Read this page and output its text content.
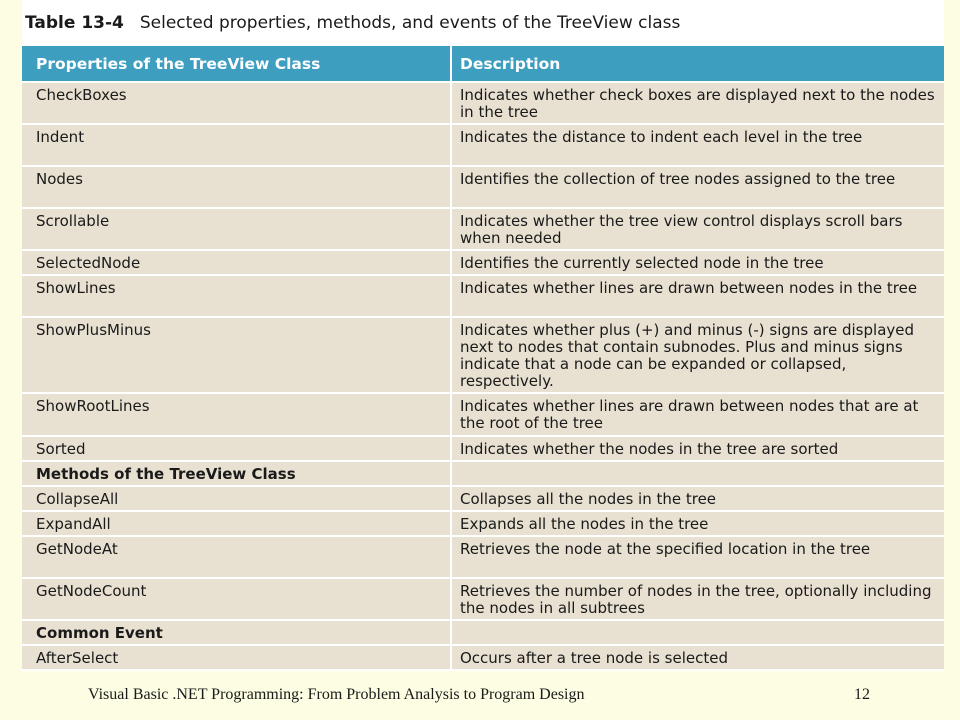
Table 13-4 Selected properties, methods, and events of the TreeView class
Properties of the TreeView Class	Description
CheckBoxes	Indicates whether check boxes are displayed next to the nodes in the tree
Indent	Indicates the distance to indent each level in the tree
Nodes	Identifies the collection of tree nodes assigned to the tree
Scrollable	Indicates whether the tree view control displays scroll bars when needed
SelectedNode	Identifies the currently selected node in the tree
ShowLines	Indicates whether lines are drawn between nodes in the tree
ShowPlusMinus	Indicates whether plus (+) and minus (-) signs are displayed next to nodes that contain subnodes. Plus and minus signs indicate that a node can be expanded or collapsed, respectively.
ShowRootLines	Indicates whether lines are drawn between nodes that are at the root of the tree
Sorted	Indicates whether the nodes in the tree are sorted
Methods of the TreeView Class	
CollapseAll	Collapses all the nodes in the tree
ExpandAll	Expands all the nodes in the tree
GetNodeAt	Retrieves the node at the specified location in the tree
GetNodeCount	Retrieves the number of nodes in the tree, optionally including the nodes in all subtrees
Common Event	
AfterSelect	Occurs after a tree node is selected
Visual Basic .NET Programming: From Problem Analysis to Program Design	12
